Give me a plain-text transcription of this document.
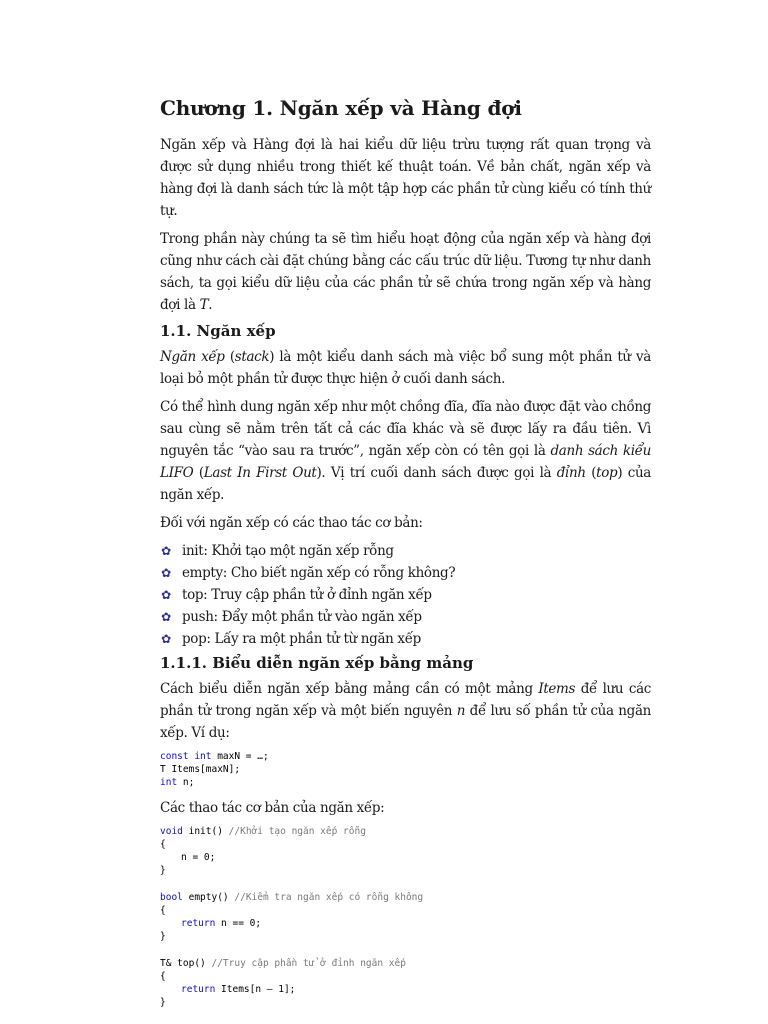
Chương 1. Ngăn xếp và Hàng đợi

Ngăn xếp và Hàng đợi là hai kiểu dữ liệu trừu tượng rất quan trọng và được sử dụng nhiều trong thiết kế thuật toán. Về bản chất, ngăn xếp và hàng đợi là danh sách tức là một tập hợp các phần tử cùng kiểu có tính thứ tự.

Trong phần này chúng ta sẽ tìm hiểu hoạt động của ngăn xếp và hàng đợi cũng như cách cài đặt chúng bằng các cấu trúc dữ liệu. Tương tự như danh sách, ta gọi kiểu dữ liệu của các phần tử sẽ chứa trong ngăn xếp và hàng đợi là T.

1.1. Ngăn xếp

Ngăn xếp (stack) là một kiểu danh sách mà việc bổ sung một phần tử và loại bỏ một phần tử được thực hiện ở cuối danh sách.

Có thể hình dung ngăn xếp như một chồng đĩa, đĩa nào được đặt vào chồng sau cùng sẽ nằm trên tất cả các đĩa khác và sẽ được lấy ra đầu tiên. Vì nguyên tắc “vào sau ra trước”, ngăn xếp còn có tên gọi là danh sách kiểu LIFO (Last In First Out). Vị trí cuối danh sách được gọi là đỉnh (top) của ngăn xếp.

Đối với ngăn xếp có các thao tác cơ bản:

✿ init: Khởi tạo một ngăn xếp rỗng
✿ empty: Cho biết ngăn xếp có rỗng không?
✿ top: Truy cập phần tử ở đỉnh ngăn xếp
✿ push: Đẩy một phần tử vào ngăn xếp
✿ pop: Lấy ra một phần tử từ ngăn xếp
1.1.1. Biểu diễn ngăn xếp bằng mảng

Cách biểu diễn ngăn xếp bằng mảng cần có một mảng Items để lưu các phần tử trong ngăn xếp và một biến nguyên n để lưu số phần tử của ngăn xếp. Ví dụ:

const int maxN = …;
T Items[maxN];
int n;

Các thao tác cơ bản của ngăn xếp:

void init() //Khởi tạo ngăn xếp rỗng
{
n = 0;
}
bool empty() //Kiểm tra ngăn xếp có rỗng không
{
return n == 0;
}
T& top() //Truy cập phần tử ở đỉnh ngăn xếp
{
return Items[n – 1];
}
